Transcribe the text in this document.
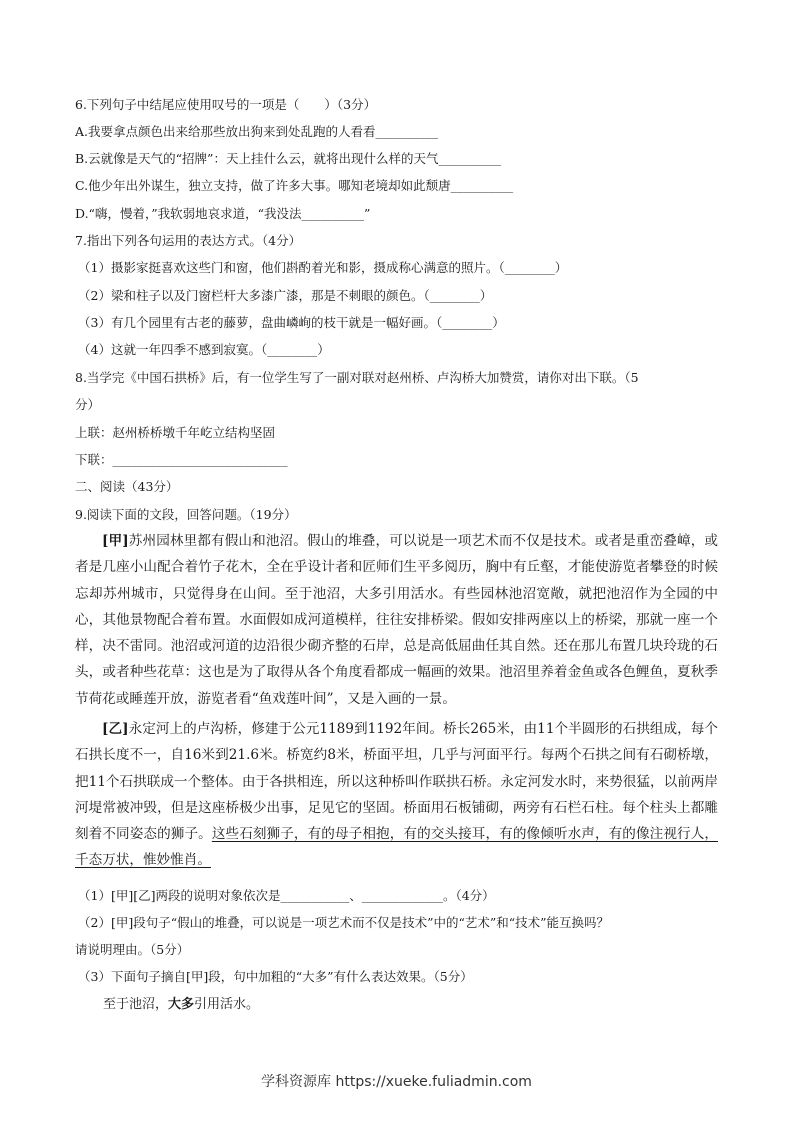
6.下列句子中结尾应使用叹号的一项是（　　）（3分）
A.我要拿点颜色出来给那些放出狗来到处乱跑的人看看__________
B.云就像是天气的“招牌”：天上挂什么云，就将出现什么样的天气__________
C.他少年出外谋生，独立支持，做了许多大事。哪知老境却如此颓唐__________
D.“嗨，慢着，”我软弱地哀求道，“我没法__________”
7.指出下列各句运用的表达方式。（4分）
（1）摄影家挺喜欢这些门和窗，他们斟酌着光和影，摄成称心满意的照片。（________）
（2）梁和柱子以及门窗栏杆大多漆广漆，那是不刺眼的颜色。（________）
（3）有几个园里有古老的藤萝，盘曲嶙峋的枝干就是一幅好画。（________）
（4）这就一年四季不感到寂寞。（________）
8.当学完《中国石拱桥》后，有一位学生写了一副对联对赵州桥、卢沟桥大加赞赏，请你对出下联。（5
分）
上联：赵州桥桥墩千年屹立结构坚固
下联：____________________________
二、阅读（43分）
9.阅读下面的文段，回答问题。（19分）
[甲]苏州园林里都有假山和池沼。假山的堆叠，可以说是一项艺术而不仅是技术。或者是重峦叠嶂，或者是几座小山配合着竹子花木，全在乎设计者和匠师们生平多阅历，胸中有丘壑，才能使游览者攀登的时候忘却苏州城市，只觉得身在山间。至于池沼，大多引用活水。有些园林池沼宽敞，就把池沼作为全园的中心，其他景物配合着布置。水面假如成河道模样，往往安排桥梁。假如安排两座以上的桥梁，那就一座一个样，决不雷同。池沼或河道的边沿很少砌齐整的石岸，总是高低屈曲任其自然。还在那儿布置几块玲珑的石头，或者种些花草：这也是为了取得从各个角度看都成一幅画的效果。池沼里养着金鱼或各色鲤鱼，夏秋季节荷花或睡莲开放，游览者看“鱼戏莲叶间”，又是入画的一景。
[乙]永定河上的卢沟桥，修建于公元1189到1192年间。桥长265米，由11个半圆形的石拱组成，每个石拱长度不一，自16米到21.6米。桥宽约8米，桥面平坦，几乎与河面平行。每两个石拱之间有石砌桥墩，把11个石拱联成一个整体。由于各拱相连，所以这种桥叫作联拱石桥。永定河发水时，来势很猛，以前两岸河堤常被冲毁，但是这座桥极少出事，足见它的坚固。桥面用石板铺砌，两旁有石栏石柱。每个柱头上都雕刻着不同姿态的狮子。这些石刻狮子，有的母子相抱，有的交头接耳，有的像倾听水声，有的像注视行人，千态万状，惟妙惟肖。
（1）[甲][乙]两段的说明对象依次是___________、_____________。（4分）
（2）[甲]段句子“假山的堆叠，可以说是一项艺术而不仅是技术”中的“艺术”和“技术”能互换吗？
请说明理由。（5分）
（3）下面句子摘自[甲]段，句中加粗的“大多”有什么表达效果。（5分）
至于池沼，大多引用活水。
学科资源库 https://xueke.fuliadmin.com
